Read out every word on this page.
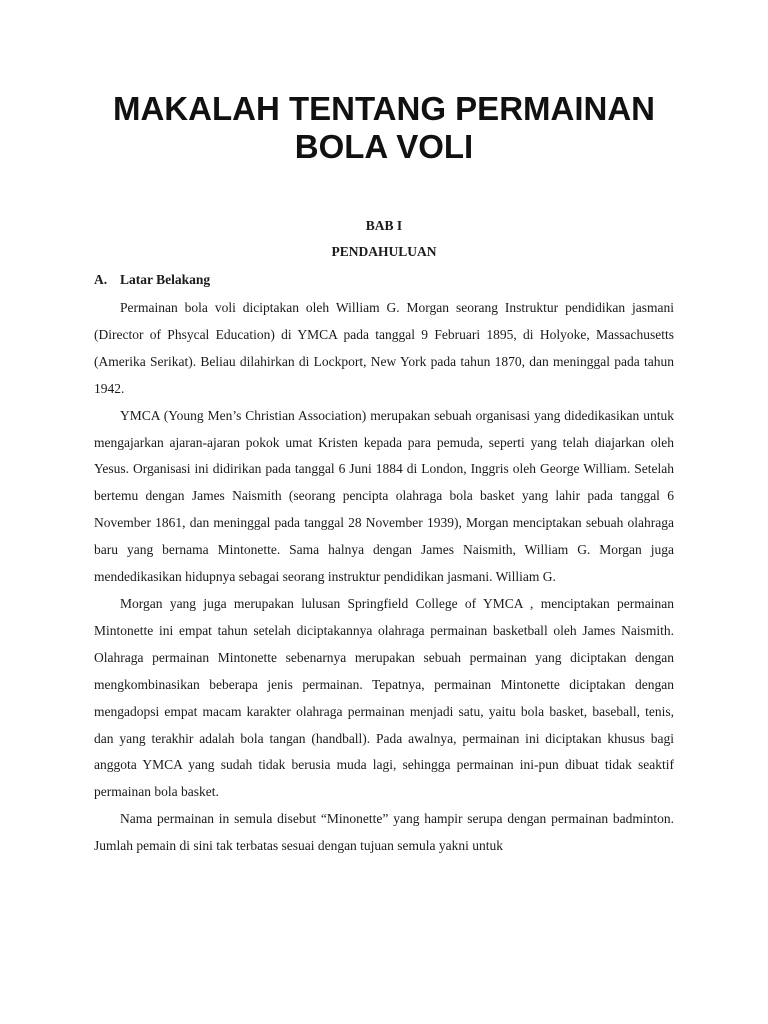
MAKALAH TENTANG PERMAINAN
BOLA VOLI
BAB I
PENDAHULUAN
A. Latar Belakang

Permainan bola voli diciptakan oleh William G. Morgan seorang Instruktur pendidikan jasmani (Director of Phsycal Education) di YMCA pada tanggal 9 Februari 1895, di Holyoke, Massachusetts (Amerika Serikat). Beliau dilahirkan di Lockport, New York pada tahun 1870, dan meninggal pada tahun 1942.

YMCA (Young Men’s Christian Association) merupakan sebuah organisasi yang didedikasikan untuk mengajarkan ajaran-ajaran pokok umat Kristen kepada para pemuda, seperti yang telah diajarkan oleh Yesus. Organisasi ini didirikan pada tanggal 6 Juni 1884 di London, Inggris oleh George William. Setelah bertemu dengan James Naismith (seorang pencipta olahraga bola basket yang lahir pada tanggal 6 November 1861, dan meninggal pada tanggal 28 November 1939), Morgan menciptakan sebuah olahraga baru yang bernama Mintonette. Sama halnya dengan James Naismith, William G. Morgan juga mendedikasikan hidupnya sebagai seorang instruktur pendidikan jasmani. William G.

Morgan yang juga merupakan lulusan Springfield College of YMCA , menciptakan permainan Mintonette ini empat tahun setelah diciptakannya olahraga permainan basketball oleh James Naismith. Olahraga permainan Mintonette sebenarnya merupakan sebuah permainan yang diciptakan dengan mengkombinasikan beberapa jenis permainan. Tepatnya, permainan Mintonette diciptakan dengan mengadopsi empat macam karakter olahraga permainan menjadi satu, yaitu bola basket, baseball, tenis, dan yang terakhir adalah bola tangan (handball). Pada awalnya, permainan ini diciptakan khusus bagi anggota YMCA yang sudah tidak berusia muda lagi, sehingga permainan ini-pun dibuat tidak seaktif permainan bola basket.

Nama permainan in semula disebut “Minonette” yang hampir serupa dengan permainan badminton. Jumlah pemain di sini tak terbatas sesuai dengan tujuan semula yakni untuk
